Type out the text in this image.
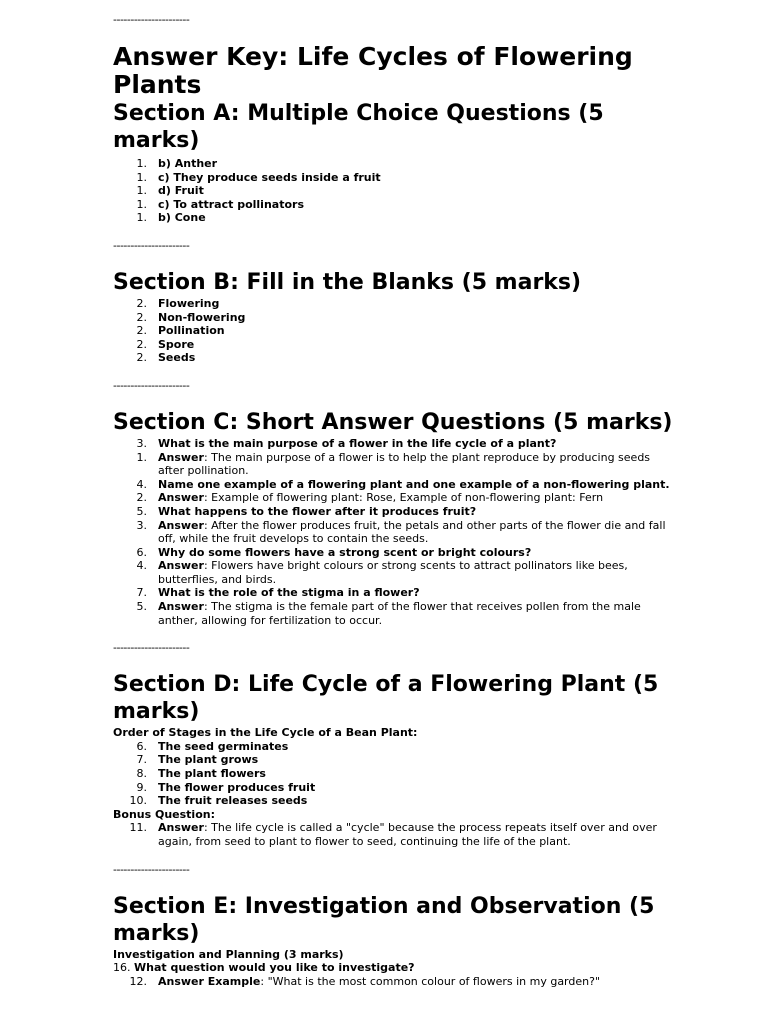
----------------------

Answer Key: Life Cycles of Flowering Plants
Section A: Multiple Choice Questions (5 marks)
1. b) Anther
1. c) They produce seeds inside a fruit
1. d) Fruit
1. c) To attract pollinators
1. b) Cone

----------------------

Section B: Fill in the Blanks (5 marks)
2. Flowering
2. Non-flowering
2. Pollination
2. Spore
2. Seeds

----------------------

Section C: Short Answer Questions (5 marks)
3. What is the main purpose of a flower in the life cycle of a plant?
1. Answer: The main purpose of a flower is to help the plant reproduce by producing seeds after pollination.
4. Name one example of a flowering plant and one example of a non-flowering plant.
2. Answer: Example of flowering plant: Rose, Example of non-flowering plant: Fern
5. What happens to the flower after it produces fruit?
3. Answer: After the flower produces fruit, the petals and other parts of the flower die and fall off, while the fruit develops to contain the seeds.
6. Why do some flowers have a strong scent or bright colours?
4. Answer: Flowers have bright colours or strong scents to attract pollinators like bees, butterflies, and birds.
7. What is the role of the stigma in a flower?
5. Answer: The stigma is the female part of the flower that receives pollen from the male anther, allowing for fertilization to occur.

----------------------

Section D: Life Cycle of a Flowering Plant (5 marks)

Order of Stages in the Life Cycle of a Bean Plant:

6. The seed germinates
7. The plant grows
8. The plant flowers
9. The flower produces fruit
10. The fruit releases seeds

Bonus Question:

11. Answer: The life cycle is called a "cycle" because the process repeats itself over and over again, from seed to plant to flower to seed, continuing the life of the plant.

----------------------

Section E: Investigation and Observation (5 marks)

Investigation and Planning (3 marks)

16. What question would you like to investigate?

12. Answer Example: "What is the most common colour of flowers in my garden?"
